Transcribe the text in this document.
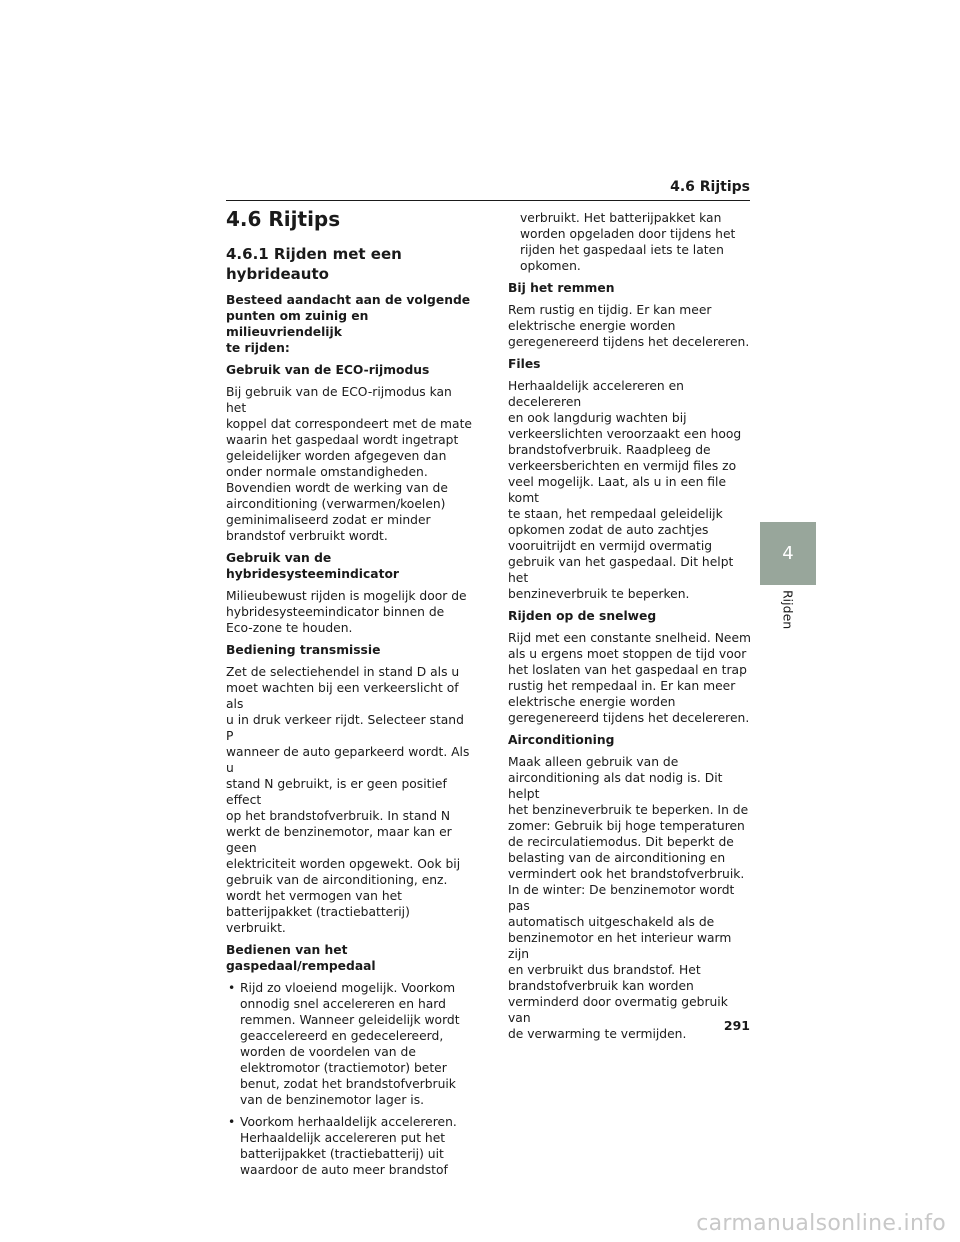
4.6 Rijtips
4
Rijden
4.6 Rijtips
4.6.1 Rijden met een hybrideauto

Besteed aandacht aan de volgende
punten om zuinig en milieuvriendelijk
te rijden:

Gebruik van de ECO-rijmodus

Bij gebruik van de ECO-rijmodus kan het
koppel dat correspondeert met de mate
waarin het gaspedaal wordt ingetrapt
geleidelijker worden afgegeven dan
onder normale omstandigheden.
Bovendien wordt de werking van de
airconditioning (verwarmen/koelen)
geminimaliseerd zodat er minder
brandstof verbruikt wordt.

Gebruik van de
hybridesysteemindicator

Milieubewust rijden is mogelijk door de
hybridesysteemindicator binnen de
Eco-zone te houden.

Bediening transmissie

Zet de selectiehendel in stand D als u
moet wachten bij een verkeerslicht of als
u in druk verkeer rijdt. Selecteer stand P
wanneer de auto geparkeerd wordt. Als u
stand N gebruikt, is er geen positief effect
op het brandstofverbruik. In stand N
werkt de benzinemotor, maar kan er geen
elektriciteit worden opgewekt. Ook bij
gebruik van de airconditioning, enz.
wordt het vermogen van het
batterijpakket (tractiebatterij) verbruikt.

Bedienen van het gaspedaal/rempedaal

• Rijd zo vloeiend mogelijk. Voorkom
onnodig snel accelereren en hard
remmen. Wanneer geleidelijk wordt
geaccelereerd en gedecelereerd,
worden de voordelen van de
elektromotor (tractiemotor) beter
benut, zodat het brandstofverbruik
van de benzinemotor lager is.
• Voorkom herhaaldelijk accelereren.
Herhaaldelijk accelereren put het
batterijpakket (tractiebatterij) uit
waardoor de auto meer brandstof

verbruikt. Het batterijpakket kan
worden opgeladen door tijdens het
rijden het gaspedaal iets te laten
opkomen.

Bij het remmen

Rem rustig en tijdig. Er kan meer
elektrische energie worden
geregenereerd tijdens het decelereren.

Files

Herhaaldelijk accelereren en decelereren
en ook langdurig wachten bij
verkeerslichten veroorzaakt een hoog
brandstofverbruik. Raadpleeg de
verkeersberichten en vermijd files zo
veel mogelijk. Laat, als u in een file komt
te staan, het rempedaal geleidelijk
opkomen zodat de auto zachtjes
vooruitrijdt en vermijd overmatig
gebruik van het gaspedaal. Dit helpt het
benzineverbruik te beperken.

Rijden op de snelweg

Rijd met een constante snelheid. Neem
als u ergens moet stoppen de tijd voor
het loslaten van het gaspedaal en trap
rustig het rempedaal in. Er kan meer
elektrische energie worden
geregenereerd tijdens het decelereren.

Airconditioning

Maak alleen gebruik van de
airconditioning als dat nodig is. Dit helpt
het benzineverbruik te beperken. In de
zomer: Gebruik bij hoge temperaturen
de recirculatiemodus. Dit beperkt de
belasting van de airconditioning en
vermindert ook het brandstofverbruik.
In de winter: De benzinemotor wordt pas
automatisch uitgeschakeld als de
benzinemotor en het interieur warm zijn
en verbruikt dus brandstof. Het
brandstofverbruik kan worden
verminderd door overmatig gebruik van
de verwarming te vermijden.

291
carmanualsonline.info
